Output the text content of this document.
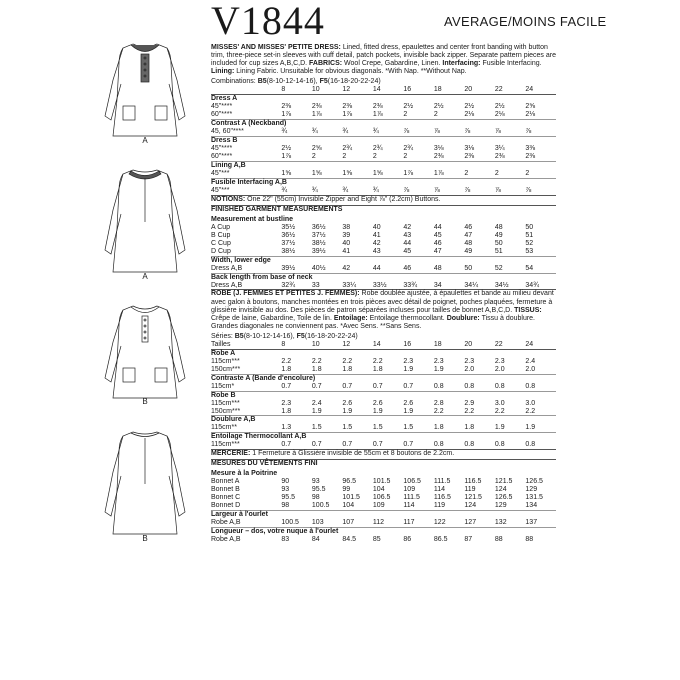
V1844	AVERAGE/MOINS FACILE
A
A
B
B

MISSES' AND MISSES' PETITE DRESS: Lined, fitted dress, epaulettes and center front banding with button trim, three-piece set-in sleeves with cuff detail, patch pockets, invisible back zipper. Separate pattern pieces are included for cup sizes A,B,C,D. FABRICS: Wool Crepe, Gabardine, Linen. Interfacing: Fusible Interfacing. Lining: Lining Fabric. Unsuitable for obvious diagonals. *With Nap. **Without Nap.

Combinations: B5(8-10-12-14-16), F5(16-18-20-22-24)									
	8	10	12	14	16	18	20	22	24
Dress A									
45"****	2⅜	2⅜	2⅜	2⅜	2½	2½	2½	2½	2⅝
60"****	1⅞	1⅞	1⅞	1⅞	2	2	2⅛	2⅛	2⅛
Contrast A (Neckband)									
45, 60"****	¾	¾	¾	¾	⅞	⅞	⅞	⅞	⅞
Dress B									
45"****	2½	2⅝	2¾	2¾	2¾	3⅛	3⅛	3¼	3⅜
60"****	1⅞	2	2	2	2	2⅜	2⅜	2⅜	2⅜
Lining A,B									
45"***	1⅝	1⅝	1⅝	1⅝	1⅞	1⅞	2	2	2
Fusible Interfacing A,B									
45"***	¾	¾	¾	¾	⅞	⅞	⅞	⅞	⅞
NOTIONS: One 22" (55cm) Invisible Zipper and Eight ⅞" (2.2cm) Buttons.
FINISHED GARMENT MEASUREMENTS
Measurement at bustline									
A Cup	35½	36½	38	40	42	44	46	48	50
B Cup	36½	37½	39	41	43	45	47	49	51
C Cup	37½	38½	40	42	44	46	48	50	52
D Cup	38½	39½	41	43	45	47	49	51	53
Width, lower edge									
Dress A,B	39½	40½	42	44	46	48	50	52	54
Back length from base of neck									
Dress A,B	32¾	33	33¼	33½	33¾	34	34¼	34½	34¾

ROBE (J. FEMMES ET PETITES J. FEMMES): Robe doublée ajustée, à épaulettes et bande au milieu devant avec galon à boutons, manches montées en trois pièces avec détail de poignet, poches plaquées, fermeture à glissière invisible au dos. Des pièces de patron séparées incluses pour tailles de bonnet A,B,C,D. TISSUS: Crêpe de laine, Gabardine, Toile de lin. Entoilage: Entoilage thermocollant. Doublure: Tissu à doublure. Grandes diagonales ne conviennent pas. *Avec Sens. **Sans Sens.

Séries: B5(8-10-12-14-16), F5(16-18-20-22-24)									
Tailles	8	10	12	14	16	18	20	22	24
Robe A									
115cm***	2.2	2.2	2.2	2.2	2.3	2.3	2.3	2.3	2.4
150cm***	1.8	1.8	1.8	1.8	1.9	1.9	2.0	2.0	2.0
Contraste A (Bande d'encolure)									
115cm*	0.7	0.7	0.7	0.7	0.7	0.8	0.8	0.8	0.8
Robe B									
115cm***	2.3	2.4	2.6	2.6	2.6	2.8	2.9	3.0	3.0
150cm***	1.8	1.9	1.9	1.9	1.9	2.2	2.2	2.2	2.2
Doublure A,B									
115cm**	1.3	1.5	1.5	1.5	1.5	1.8	1.8	1.9	1.9
Entoilage Thermocollant A,B									
115cm***	0.7	0.7	0.7	0.7	0.7	0.8	0.8	0.8	0.8
MERCERIE: 1 Fermeture à Glissière invisible de 55cm et 8 boutons de 2.2cm.
MESURES DU VÊTEMENTS FINI
Mesure à la Poitrine									
Bonnet A	90	93	96.5	101.5	106.5	111.5	116.5	121.5	126.5
Bonnet B	93	95.5	99	104	109	114	119	124	129
Bonnet C	95.5	98	101.5	106.5	111.5	116.5	121.5	126.5	131.5
Bonnet D	98	100.5	104	109	114	119	124	129	134
Largeur à l'ourlet									
Robe A,B	100.5	103	107	112	117	122	127	132	137
Longueur – dos, votre nuque à l'ourlet									
Robe A,B	83	84	84.5	85	86	86.5	87	88	88
